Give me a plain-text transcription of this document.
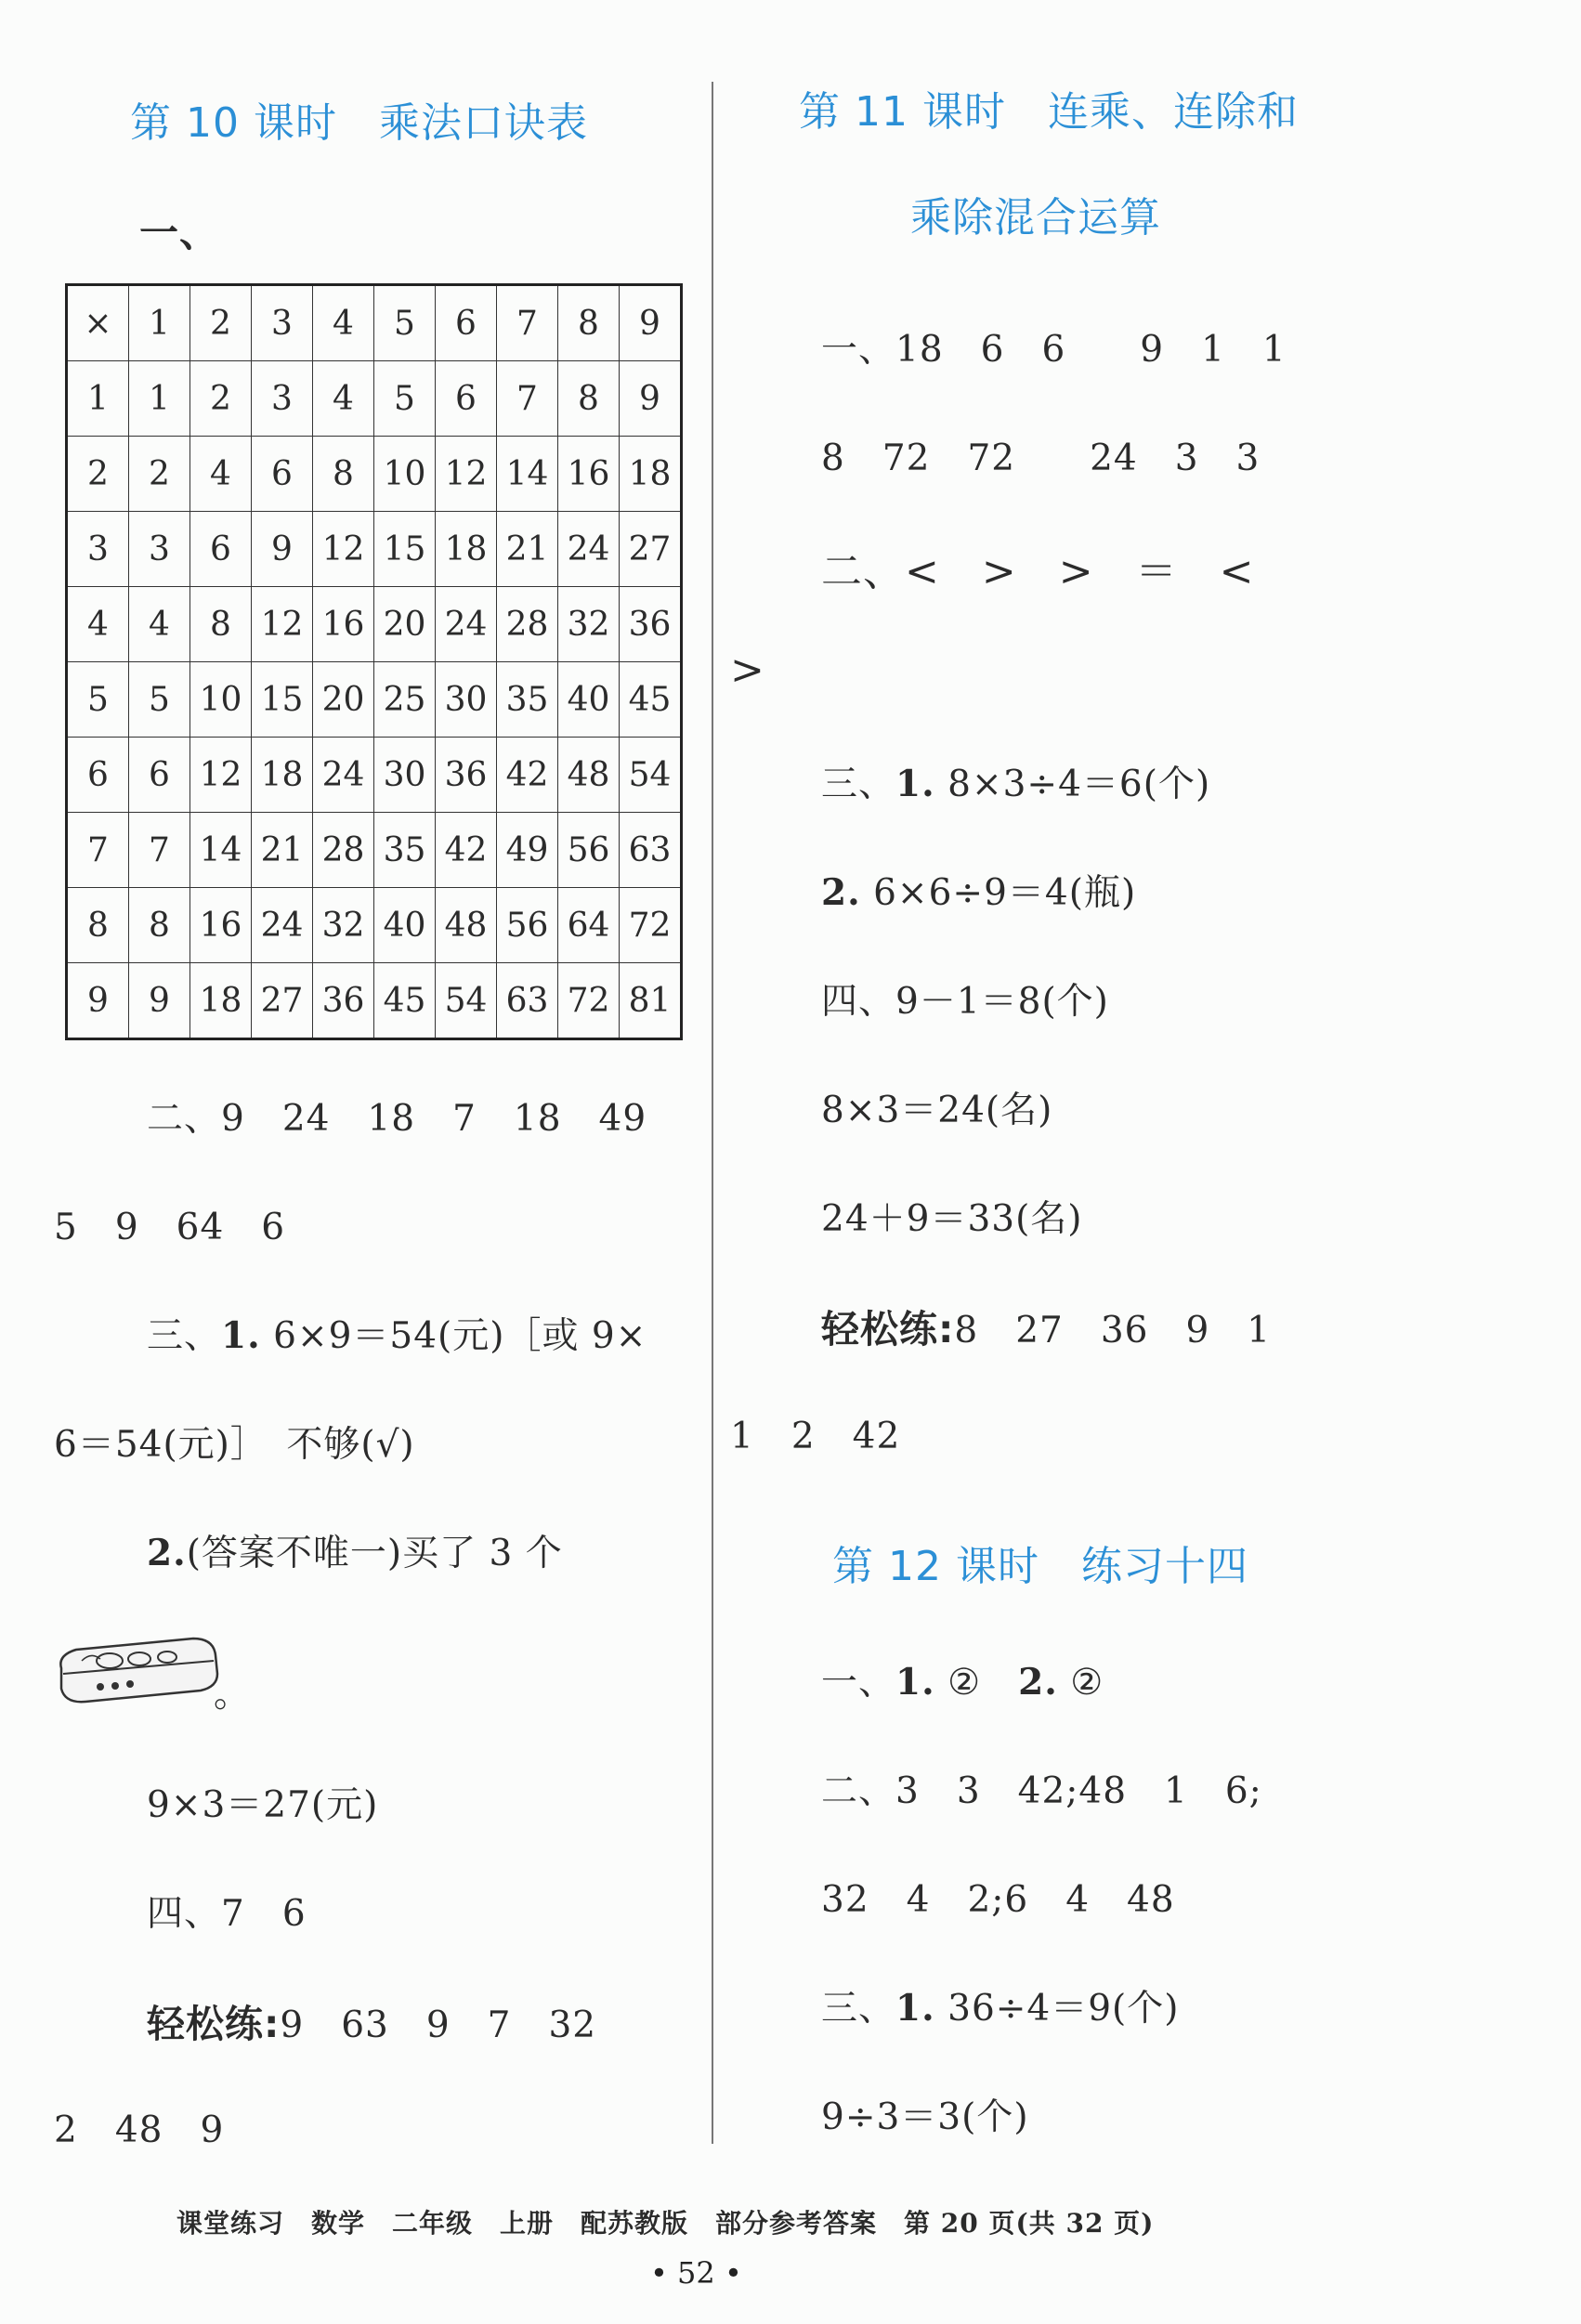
第 10 课时　乘法口诀表
一、
×	1	2	3	4	5	6	7	8	9
1	1	2	3	4	5	6	7	8	9
2	2	4	6	8	10	12	14	16	18
3	3	6	9	12	15	18	21	24	27
4	4	8	12	16	20	24	28	32	36
5	5	10	15	20	25	30	35	40	45
6	6	12	18	24	30	36	42	48	54
7	7	14	21	28	35	42	49	56	63
8	8	16	24	32	40	48	56	64	72
9	9	18	27	36	45	54	63	72	81
二、9　24　18　7　18　49
5　9　64　6
三、1. 6×9＝54(元)［或 9×
6＝54(元)］　不够(√)
2.(答案不唯一)买了 3 个
。
9×3＝27(元)
四、7　6
轻松练:9　63　9　7　32
2　48　9
第 11 课时　连乘、连除和
乘除混合运算
一、18　6　6　　9　1　1
8　72　72　　24　3　3
二、<　>　>　＝　<
>
三、1. 8×3÷4＝6(个)
2. 6×6÷9＝4(瓶)
四、9－1＝8(个)
8×3＝24(名)
24＋9＝33(名)
轻松练:8　27　36　9　1
1　2　42
第 12 课时　练习十四
一、1. ②　2. ②
二、3　3　42;48　1　6;
32　4　2;6　4　48
三、1. 36÷4＝9(个)
9÷3＝3(个)
课堂练习　数学　二年级　上册　配苏教版　部分参考答案　第 20 页(共 32 页)
• 52 •
